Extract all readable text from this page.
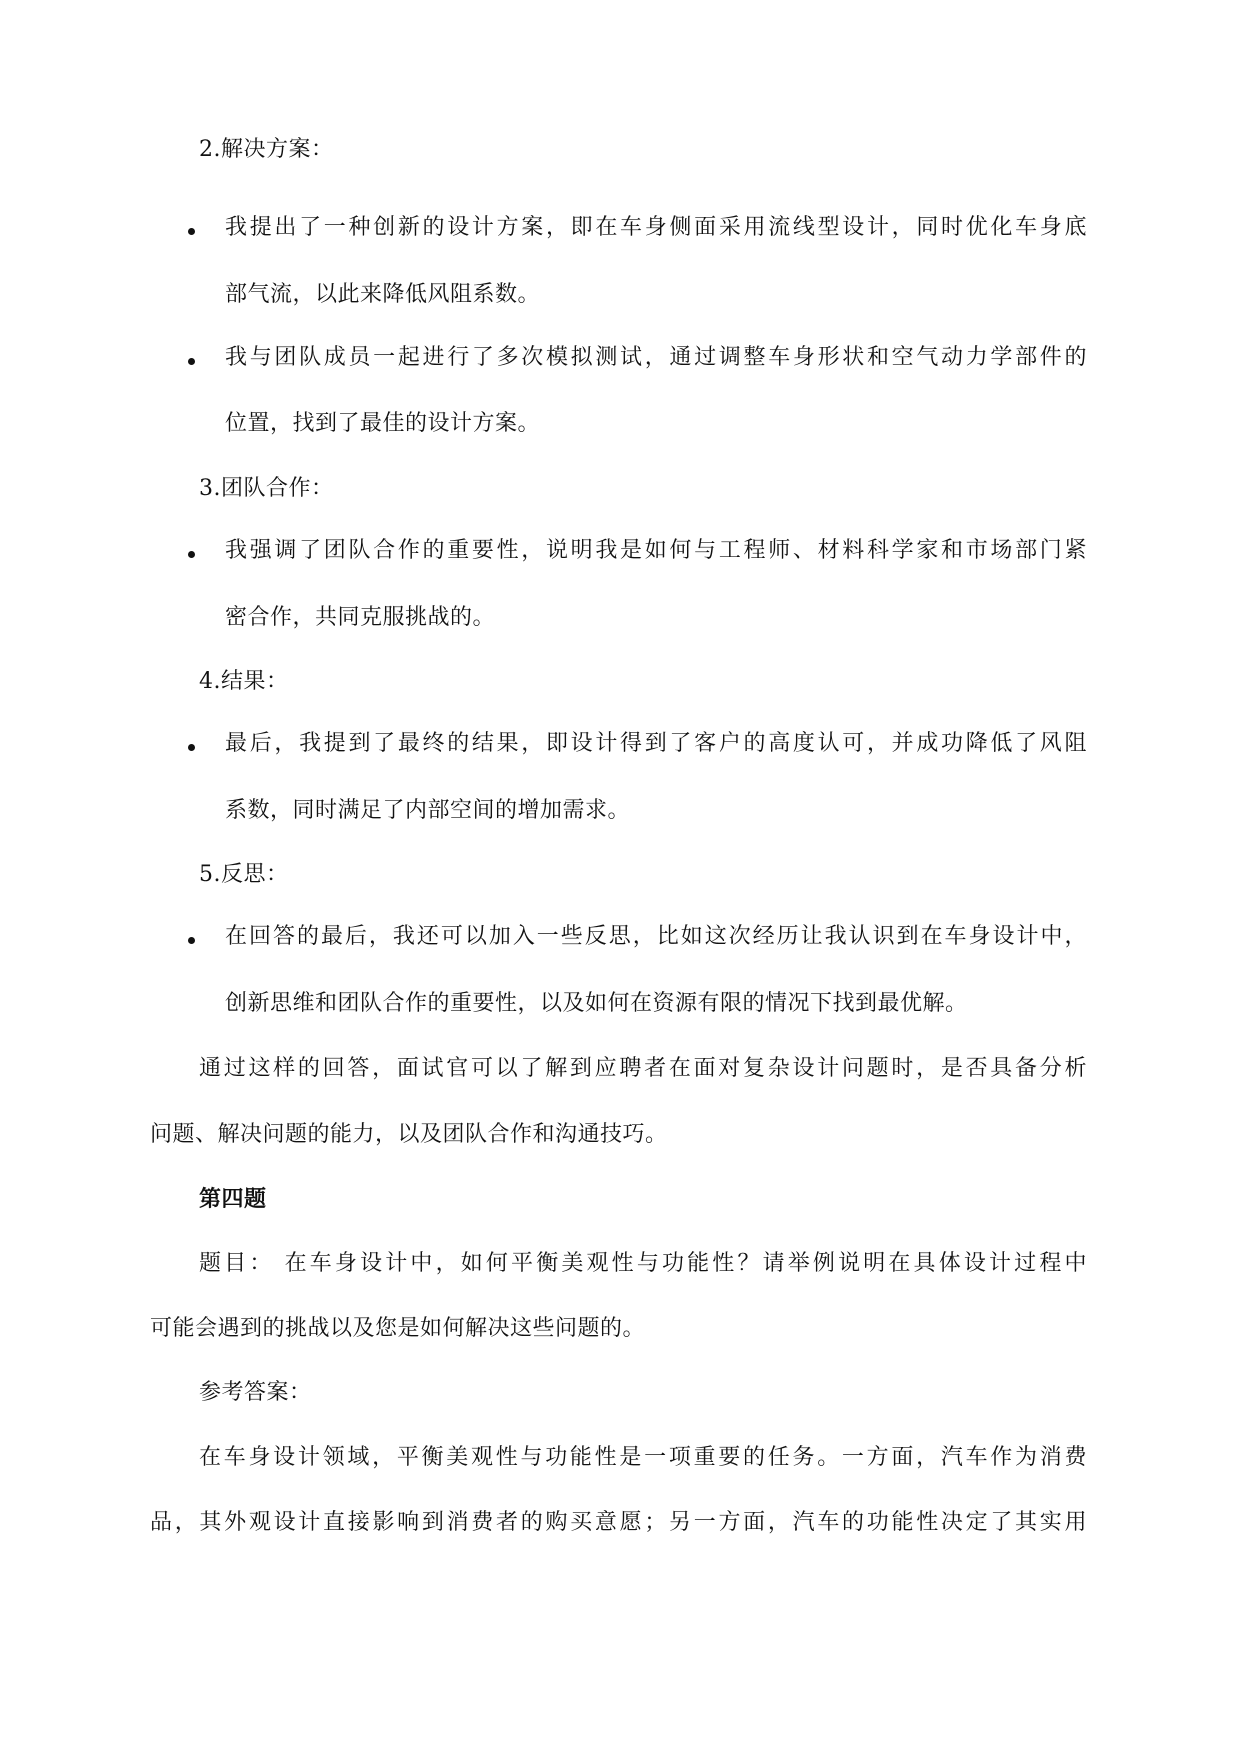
2.解决方案：
我提出了一种创新的设计方案，即在车身侧面采用流线型设计，同时优化车身底
部气流，以此来降低风阻系数。
我与团队成员一起进行了多次模拟测试，通过调整车身形状和空气动力学部件的
位置，找到了最佳的设计方案。
3.团队合作：
我强调了团队合作的重要性，说明我是如何与工程师、材料科学家和市场部门紧
密合作，共同克服挑战的。
4.结果：
最后，我提到了最终的结果，即设计得到了客户的高度认可，并成功降低了风阻
系数，同时满足了内部空间的增加需求。
5.反思：
在回答的最后，我还可以加入一些反思，比如这次经历让我认识到在车身设计中，
创新思维和团队合作的重要性，以及如何在资源有限的情况下找到最优解。
通过这样的回答，面试官可以了解到应聘者在面对复杂设计问题时，是否具备分析
问题、解决问题的能力，以及团队合作和沟通技巧。
第四题
题目： 在车身设计中，如何平衡美观性与功能性？请举例说明在具体设计过程中
可能会遇到的挑战以及您是如何解决这些问题的。
参考答案：
在车身设计领域，平衡美观性与功能性是一项重要的任务。一方面，汽车作为消费
品，其外观设计直接影响到消费者的购买意愿；另一方面，汽车的功能性决定了其实用
